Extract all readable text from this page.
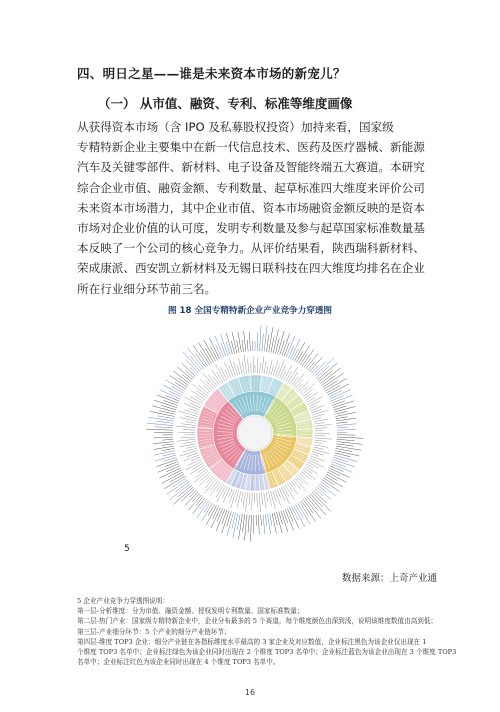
四、明日之星——谁是未来资本市场的新宠儿？
（一） 从市值、融资、专利、标准等维度画像
从获得资本市场（含 IPO 及私募股权投资）加持来看，国家级
专精特新企业主要集中在新一代信息技术、医药及医疗器械、新能源
汽车及关键零部件、新材料、电子设备及智能终端五大赛道。本研究
综合企业市值、融资金额、专利数量、起草标准四大维度来评价公司
未来资本市场潜力，其中企业市值、资本市场融资金额反映的是资本
市场对企业价值的认可度，发明专利数量及参与起草国家标准数量基
本反映了一个公司的核心竞争力。从评价结果看，陕西瑞科新材料、
荣成康派、西安凯立新材料及无锡日联科技在四大维度均排名在企业
所在行业细分环节前三名。
图 18 全国专精特新企业产业竞争力穿透图
5
数据来源：上奇产业通
5 企业产业竞争力穿透图说明：
第一层-分析维度：分为市值、融资金额、授权发明专利数量、国家标准数量；
第二层-热门产业：国家级专精特新企业中，企业分布最多的 5 个赛道，每个维度颜色由深到浅，说明该维度数值由高到低；
第三层-产业细分环节：5 个产业的细分产业链环节；
第四层-维度 TOP3 企业：细分产业链在各指标维度水平最高的 3 家企业及对应数值，企业标注黑色为该企业仅出现在 1
个维度 TOP3 名单中；企业标注绿色为该企业同时出现在 2 个维度 TOP3 名单中；企业标注蓝色为该企业出现在 3 个维度 TOP3
名单中；企业标注红色为该企业同时出现在 4 个维度 TOP3 名单中。
16
